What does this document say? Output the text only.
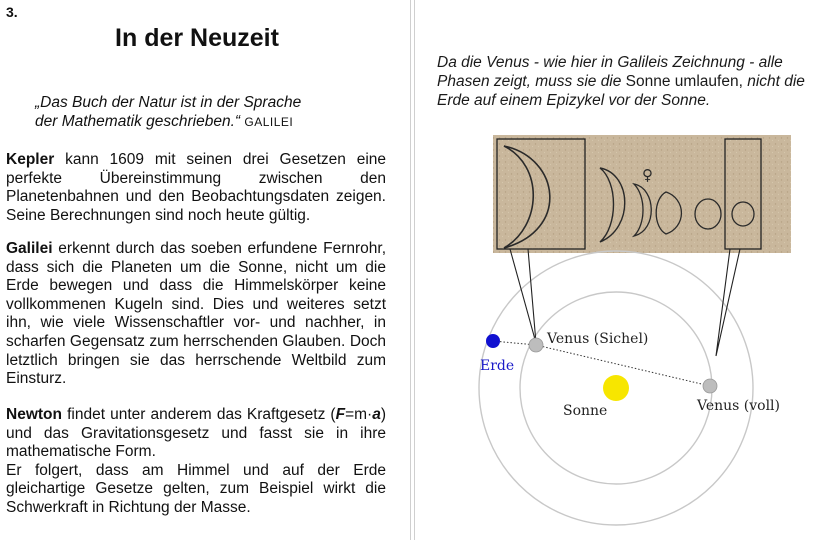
3.
In der Neuzeit
„Das Buch der Natur ist in der Sprache
der Mathematik geschrieben.“ GALILEI
Kepler kann 1609 mit seinen drei Gesetzen eine perfekte Übereinstimmung zwischen den Planetenbahnen und den Beobachtungsdaten zeigen. Seine Berechnungen sind noch heute gültig.
Galilei erkennt durch das soeben erfundene Fernrohr, dass sich die Planeten um die Sonne, nicht um die Erde bewegen und dass die Himmelskörper keine vollkommenen Kugeln sind. Dies und weiteres setzt ihn, wie viele Wissenschaftler vor- und nachher, in scharfen Gegensatz zum herrschenden Glauben. Doch letztlich bringen sie das herrschende Weltbild zum Einsturz.
Newton findet unter anderem das Kraftgesetz (F=m·a) und das Gravitationsgesetz und fasst sie in ihre mathematische Form.
Er folgert, dass am Himmel und auf der Erde gleichartige Gesetze gelten, zum Beispiel wirkt die Schwerkraft in Richtung der Masse.
Da die Venus - wie hier in Galileis Zeichnung - alle Phasen zeigt, muss sie die Sonne umlaufen, nicht die Erde auf einem Epizykel vor der Sonne.
♀
Venus (Sichel)
Erde
Sonne	Venus (voll)
